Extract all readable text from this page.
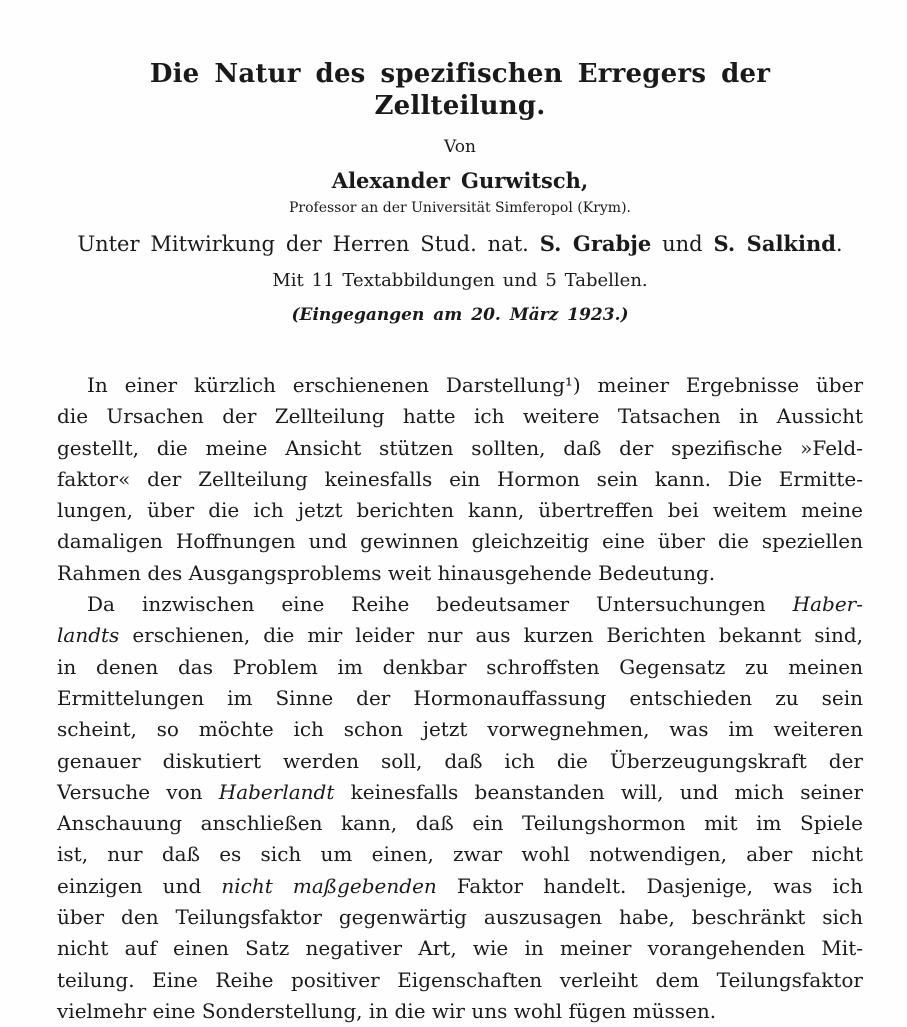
Die Natur des spezifischen Erregers der Zellteilung.
Von
Alexander Gurwitsch,
Professor an der Universität Simferopol (Krym).
Unter Mitwirkung der Herren Stud. nat. S. Grabje und S. Salkind.
Mit 11 Textabbildungen und 5 Tabellen.
(Eingegangen am 20. März 1923.)
In einer kürzlich erschienenen Darstellung¹) meiner Ergebnisse über
die Ursachen der Zellteilung hatte ich weitere Tatsachen in Aussicht
gestellt, die meine Ansicht stützen sollten, daß der spezifische »Feld-
faktor« der Zellteilung keinesfalls ein Hormon sein kann. Die Ermitte-
lungen, über die ich jetzt berichten kann, übertreffen bei weitem meine
damaligen Hoffnungen und gewinnen gleichzeitig eine über die speziellen
Rahmen des Ausgangsproblems weit hinausgehende Bedeutung.
Da inzwischen eine Reihe bedeutsamer Untersuchungen Haber-
landts erschienen, die mir leider nur aus kurzen Berichten bekannt sind,
in denen das Problem im denkbar schroffsten Gegensatz zu meinen
Ermittelungen im Sinne der Hormonauffassung entschieden zu sein
scheint, so möchte ich schon jetzt vorwegnehmen, was im weiteren
genauer diskutiert werden soll, daß ich die Überzeugungskraft der
Versuche von Haberlandt keinesfalls beanstanden will, und mich seiner
Anschauung anschließen kann, daß ein Teilungshormon mit im Spiele
ist, nur daß es sich um einen, zwar wohl notwendigen, aber nicht
einzigen und nicht maßgebenden Faktor handelt. Dasjenige, was ich
über den Teilungsfaktor gegenwärtig auszusagen habe, beschränkt sich
nicht auf einen Satz negativer Art, wie in meiner vorangehenden Mit-
teilung. Eine Reihe positiver Eigenschaften verleiht dem Teilungsfaktor
vielmehr eine Sonderstellung, in die wir uns wohl fügen müssen.
